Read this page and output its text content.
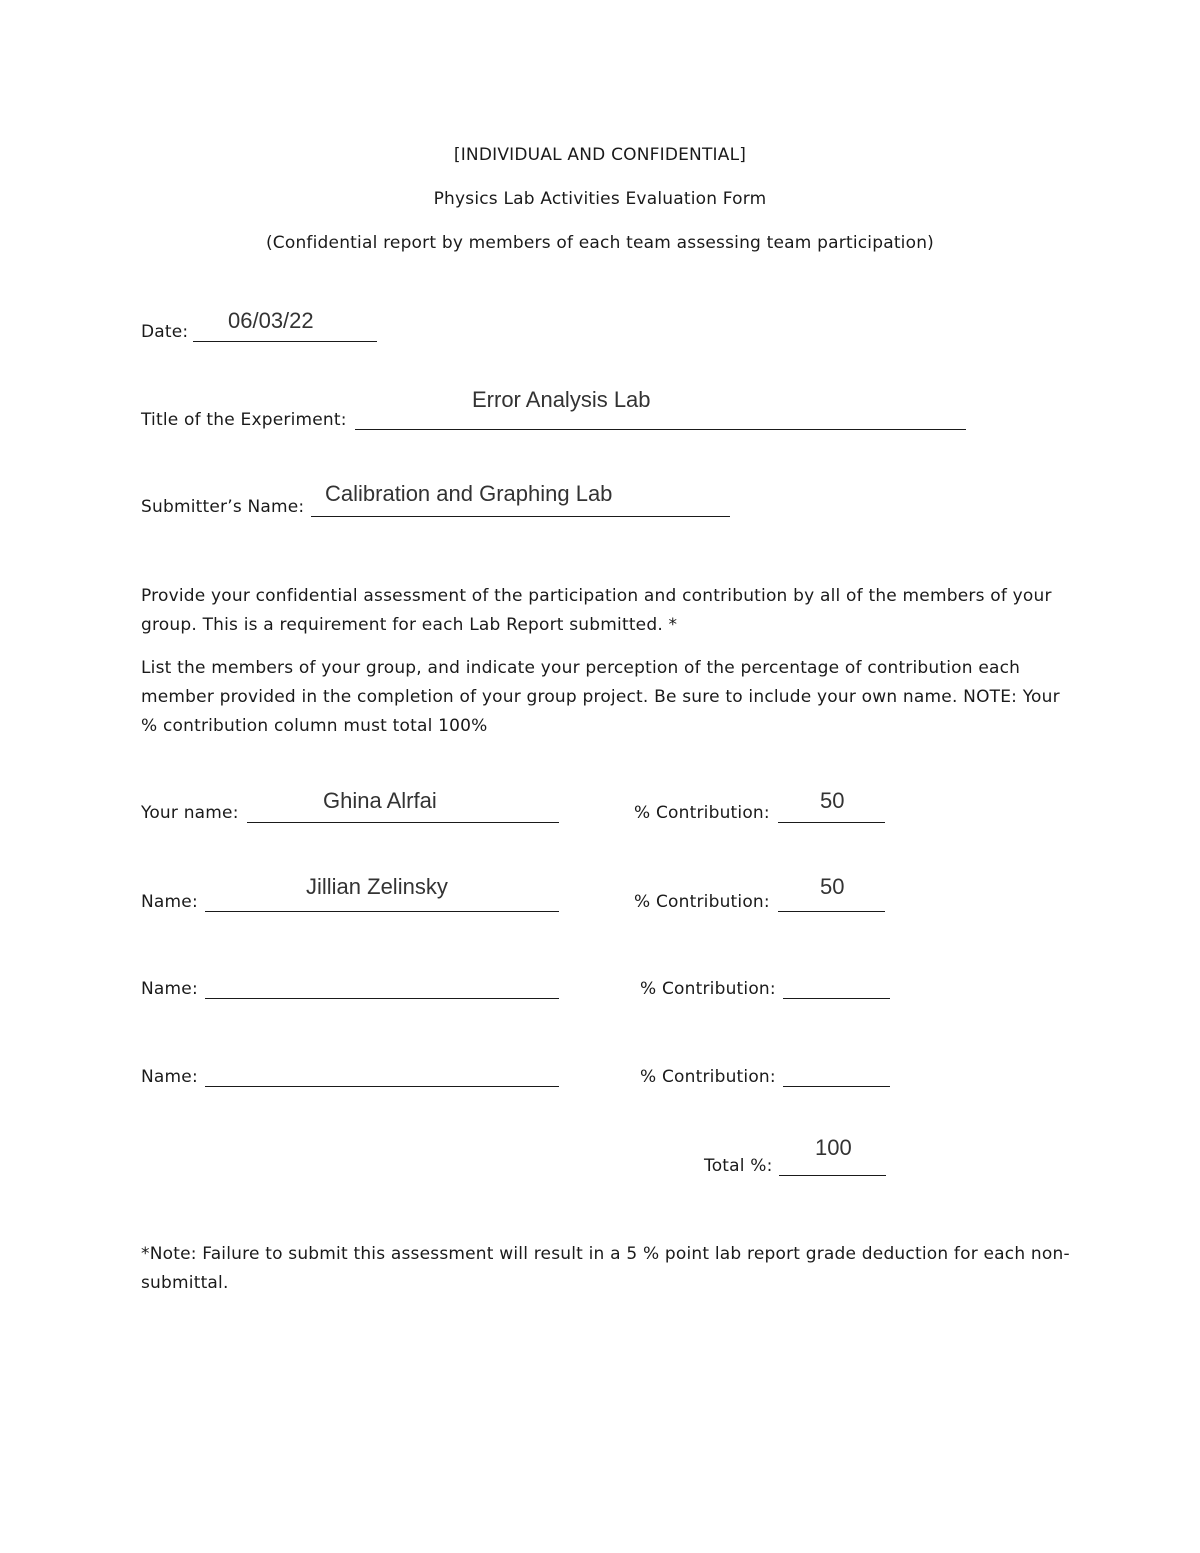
[INDIVIDUAL AND CONFIDENTIAL]
Physics Lab Activities Evaluation Form
(Confidential report by members of each team assessing team participation)
Date: 06/03/22
Title of the Experiment:
Error Analysis Lab
Submitter’s Name:
Calibration and Graphing Lab
Provide your confidential assessment of the participation and contribution by all of the members of your group. This is a requirement for each Lab Report submitted. *
List the members of your group, and indicate your perception of the percentage of contribution each member provided in the completion of your group project. Be sure to include your own name. NOTE: Your % contribution column must total 100%
Your name:	Ghina Alrfai	% Contribution: 50
Name:
Jillian Zelinsky
% Contribution:
50
Name:	% Contribution:
Name:	% Contribution:
Total %:
100
*Note: Failure to submit this assessment will result in a 5 % point lab report grade deduction for each non-submittal.
